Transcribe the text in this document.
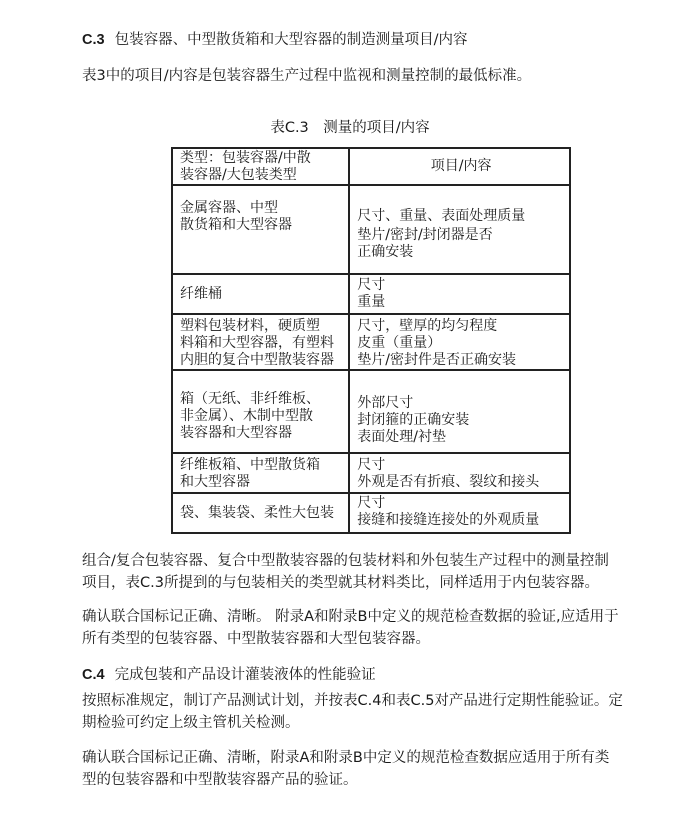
C.3 包装容器、中型散货箱和大型容器的制造测量项目/内容
表3中的项目/内容是包装容器生产过程中监视和测量控制的最低标准。
表C.3　测量的项目/内容
类型：包装容器/中散
装容器/大包装类型	项目/内容

金属容器、中型
散货箱和大型容器	尺寸、重量、表面处理质量
垫片/密封/封闭器是否
正确安装

纤维桶	尺寸
重量

塑料包装材料，硬质塑
料箱和大型容器，有塑料
内胆的复合中型散装容器	尺寸，壁厚的均匀程度
皮重（重量）
垫片/密封件是否正确安装

箱（无纸、非纤维板、
非金属）、木制中型散
装容器和大型容器	外部尺寸
封闭箍的正确安装
表面处理/衬垫

纤维板箱、中型散货箱
和大型容器	尺寸
外观是否有折痕、裂纹和接头

袋、集装袋、柔性大包装	尺寸
接缝和接缝连接处的外观质量
组合/复合包装容器、复合中型散装容器的包装材料和外包装生产过程中的测量控制
项目，表C.3所提到的与包装相关的类型就其材料类比，同样适用于内包装容器。
确认联合国标记正确、清晰。 附录A和附录B中定义的规范检查数据的验证,应适用于
所有类型的包装容器、中型散装容器和大型包装容器。
C.4 完成包装和产品设计灌装液体的性能验证
按照标准规定，制订产品测试计划，并按表C.4和表C.5对产品进行定期性能验证。定
期检验可约定上级主管机关检测。
确认联合国标记正确、清晰，附录A和附录B中定义的规范检查数据应适用于所有类
型的包装容器和中型散装容器产品的验证。
